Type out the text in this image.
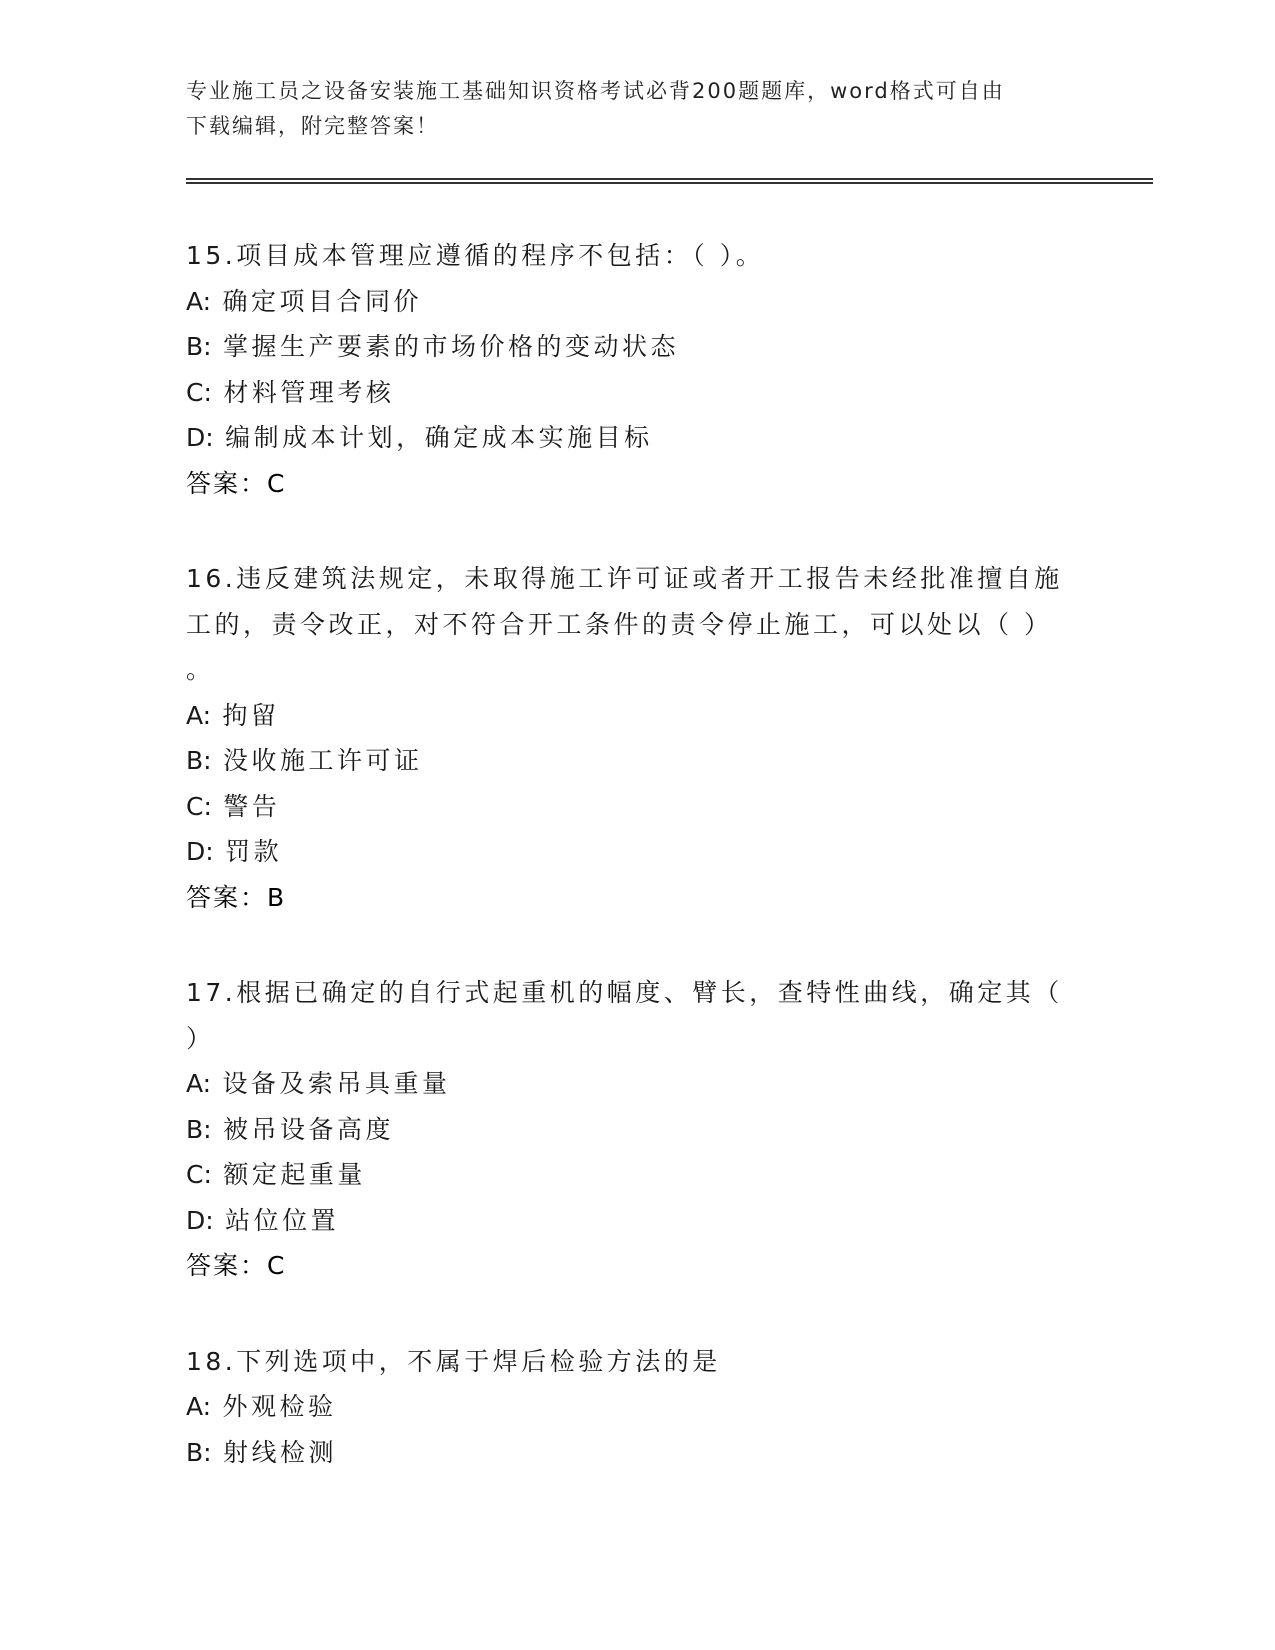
专业施工员之设备安装施工基础知识资格考试必背200题题库，word格式可自由
下载编辑，附完整答案！
15.项目成本管理应遵循的程序不包括：（ ）。
A: 确定项目合同价
B: 掌握生产要素的市场价格的变动状态
C: 材料管理考核
D: 编制成本计划，确定成本实施目标
答案：C
16.违反建筑法规定，未取得施工许可证或者开工报告未经批准擅自施
工的，责令改正，对不符合开工条件的责令停止施工，可以处以（ ）
。
A: 拘留
B: 没收施工许可证
C: 警告
D: 罚款
答案：B
17.根据已确定的自行式起重机的幅度、臂长，查特性曲线，确定其（
）
A: 设备及索吊具重量
B: 被吊设备高度
C: 额定起重量
D: 站位位置
答案：C
18.下列选项中，不属于焊后检验方法的是
A: 外观检验
B: 射线检测
